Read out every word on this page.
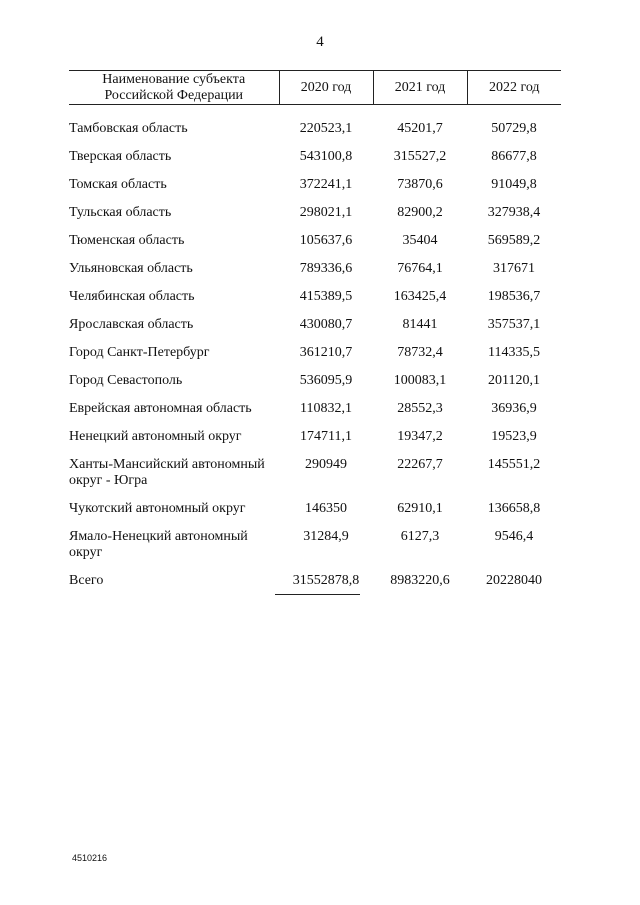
4
Наименование субъекта Российской Федерации	2020 год	2021 год	2022 год

Тамбовская область	220523,1	45201,7	50729,8
Тверская область	543100,8	315527,2	86677,8
Томская область	372241,1	73870,6	91049,8
Тульская область	298021,1	82900,2	327938,4
Тюменская область	105637,6	35404	569589,2
Ульяновская область	789336,6	76764,1	317671
Челябинская область	415389,5	163425,4	198536,7
Ярославская область	430080,7	81441	357537,1
Город Санкт-Петербург	361210,7	78732,4	114335,5
Город Севастополь	536095,9	100083,1	201120,1
Еврейская автономная область	110832,1	28552,3	36936,9
Ненецкий автономный округ	174711,1	19347,2	19523,9
Ханты-Мансийский автономный округ - Югра	290949	22267,7	145551,2
Чукотский автономный округ	146350	62910,1	136658,8
Ямало-Ненецкий автономный округ	31284,9	6127,3	9546,4
Всего	31552878,8	8983220,6	20228040
4510216
